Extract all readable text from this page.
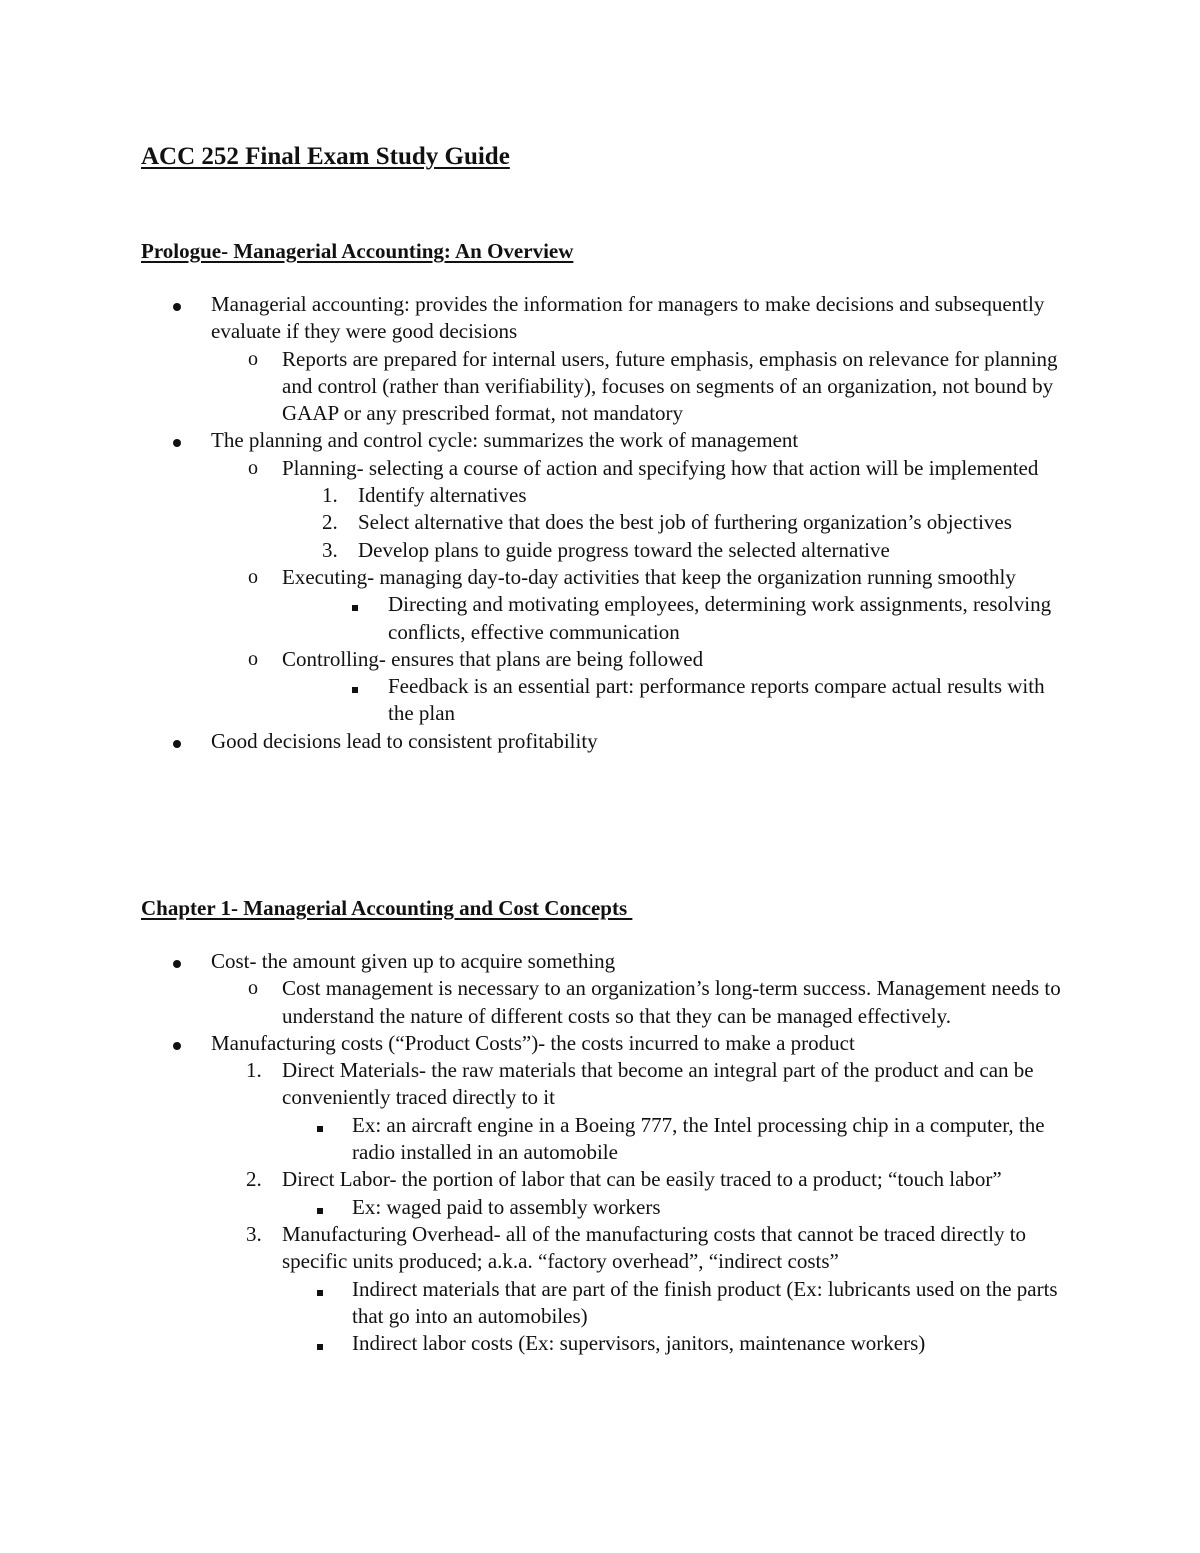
ACC 252 Final Exam Study Guide
Prologue- Managerial Accounting: An Overview
Managerial accounting: provides the information for managers to make decisions and subsequently evaluate if they were good decisions
o Reports are prepared for internal users, future emphasis, emphasis on relevance for planning and control (rather than verifiability), focuses on segments of an organization, not bound by GAAP or any prescribed format, not mandatory
The planning and control cycle: summarizes the work of management
o Planning- selecting a course of action and specifying how that action will be implemented
1. Identify alternatives
2. Select alternative that does the best job of furthering organization’s objectives
3. Develop plans to guide progress toward the selected alternative
o Executing- managing day-to-day activities that keep the organization running smoothly
Directing and motivating employees, determining work assignments, resolving conflicts, effective communication
o Controlling- ensures that plans are being followed
Feedback is an essential part: performance reports compare actual results with the plan
Good decisions lead to consistent profitability
Chapter 1- Managerial Accounting and Cost Concepts
Cost- the amount given up to acquire something
o Cost management is necessary to an organization’s long-term success. Management needs to understand the nature of different costs so that they can be managed effectively.
Manufacturing costs (“Product Costs”)- the costs incurred to make a product
1. Direct Materials- the raw materials that become an integral part of the product and can be conveniently traced directly to it
Ex: an aircraft engine in a Boeing 777, the Intel processing chip in a computer, the radio installed in an automobile
2. Direct Labor- the portion of labor that can be easily traced to a product; “touch labor”
Ex: waged paid to assembly workers
3. Manufacturing Overhead- all of the manufacturing costs that cannot be traced directly to specific units produced; a.k.a. “factory overhead”, “indirect costs”
Indirect materials that are part of the finish product (Ex: lubricants used on the parts that go into an automobiles)
Indirect labor costs (Ex: supervisors, janitors, maintenance workers)
